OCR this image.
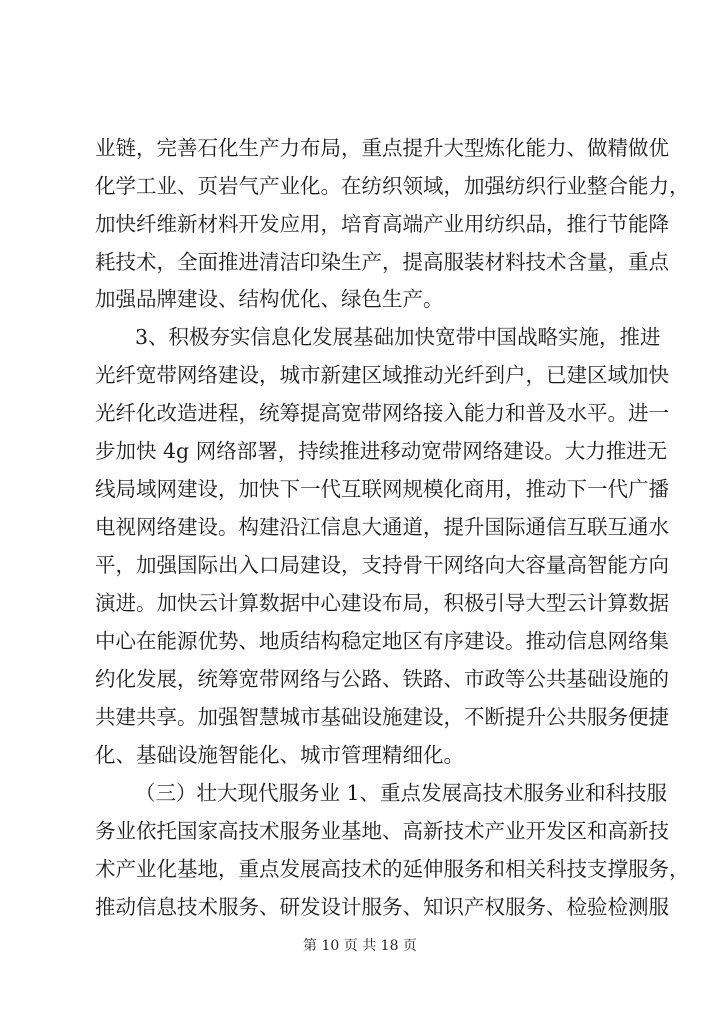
业链，完善石化生产力布局，重点提升大型炼化能力、做精做优
化学工业、页岩气产业化。在纺织领域，加强纺织行业整合能力，
加快纤维新材料开发应用，培育高端产业用纺织品，推行节能降
耗技术，全面推进清洁印染生产，提高服装材料技术含量，重点
加强品牌建设、结构优化、绿色生产。
3、积极夯实信息化发展基础加快宽带中国战略实施，推进
光纤宽带网络建设，城市新建区域推动光纤到户，已建区域加快
光纤化改造进程，统筹提高宽带网络接入能力和普及水平。进一
步加快 4g 网络部署，持续推进移动宽带网络建设。大力推进无
线局域网建设，加快下一代互联网规模化商用，推动下一代广播
电视网络建设。构建沿江信息大通道，提升国际通信互联互通水
平，加强国际出入口局建设，支持骨干网络向大容量高智能方向
演进。加快云计算数据中心建设布局，积极引导大型云计算数据
中心在能源优势、地质结构稳定地区有序建设。推动信息网络集
约化发展，统筹宽带网络与公路、铁路、市政等公共基础设施的
共建共享。加强智慧城市基础设施建设，不断提升公共服务便捷
化、基础设施智能化、城市管理精细化。
（三）壮大现代服务业 1、重点发展高技术服务业和科技服
务业依托国家高技术服务业基地、高新技术产业开发区和高新技
术产业化基地，重点发展高技术的延伸服务和相关科技支撑服务，
推动信息技术服务、研发设计服务、知识产权服务、检验检测服
第 10 页 共 18 页
